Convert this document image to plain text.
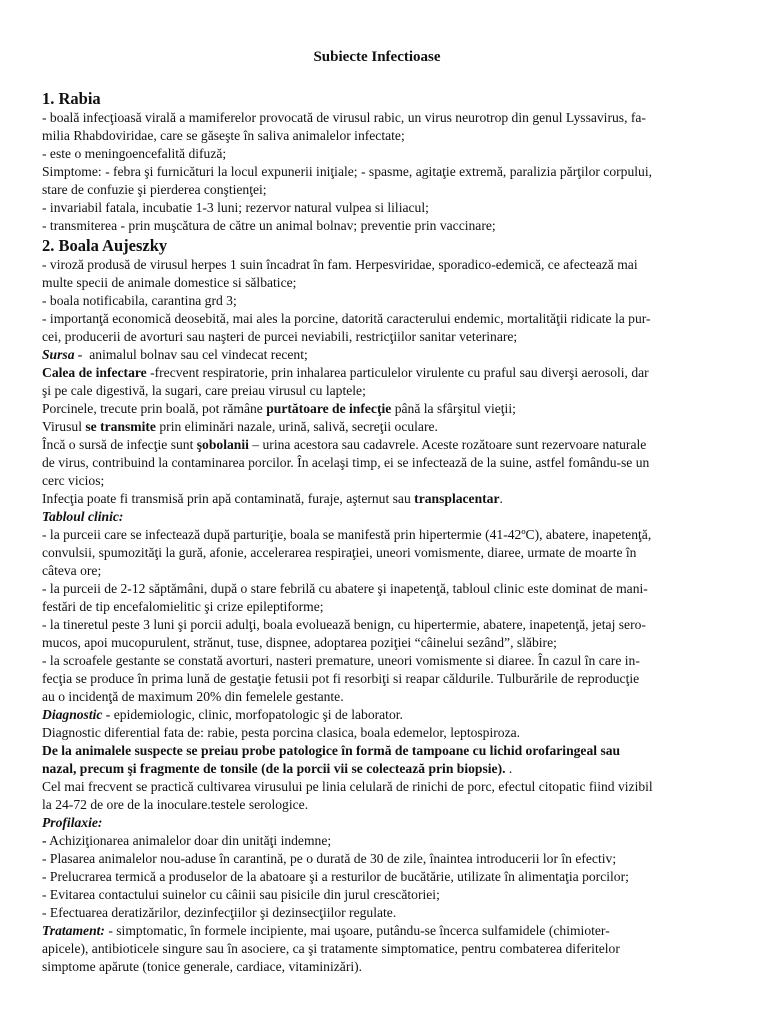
Subiecte Infectioase

1. Rabia

- boală infecţioasă virală a mamiferelor provocată de virusul rabic, un virus neurotrop din genul Lyssavirus, fa-

milia Rhabdoviridae, care se găseşte în saliva animalelor infectate;

- este o meningoencefalită difuză;

Simptome: - febra şi furnicături la locul expunerii iniţiale; - spasme, agitaţie extremă, paralizia părţilor corpului,

stare de confuzie şi pierderea conştienţei;

- invariabil fatala, incubatie 1-3 luni; rezervor natural vulpea si liliacul;

- transmiterea - prin muşcătura de către un animal bolnav; preventie prin vaccinare;

2. Boala Aujeszky

- viroză produsă de virusul herpes 1 suin încadrat în fam. Herpesviridae, sporadico-edemică, ce afectează mai

multe specii de animale domestice si sălbatice;

- boala notificabila, carantina grd 3;

- importanţă economică deosebită, mai ales la porcine, datorită caracterului endemic, mortalităţii ridicate la pur-

cei, producerii de avorturi sau naşteri de purcei neviabili, restricţiilor sanitar veterinare;

Sursa -  animalul bolnav sau cel vindecat recent;

Calea de infectare -frecvent respiratorie, prin inhalarea particulelor virulente cu praful sau diverşi aerosoli, dar

şi pe cale digestivă, la sugari, care preiau virusul cu laptele;

Porcinele, trecute prin boală, pot rămâne purtătoare de infecţie până la sfârşitul vieţii;

Virusul se transmite prin eliminări nazale, urină, salivă, secreţii oculare.

Încă o sursă de infecţie sunt şobolanii – urina acestora sau cadavrele. Aceste rozătoare sunt rezervoare naturale

de virus, contribuind la contaminarea porcilor. În acelaşi timp, ei se infectează de la suine, astfel fomându-se un

cerc vicios;

Infecţia poate fi transmisă prin apă contaminată, furaje, aşternut sau transplacentar.

Tabloul clinic:

- la purceii care se infectează după parturiţie, boala se manifestă prin hipertermie (41-42ºC), abatere, inapetenţă,

convulsii, spumozităţi la gură, afonie, accelerarea respiraţiei, uneori vomismente, diaree, urmate de moarte în

câteva ore;

- la purceii de 2-12 săptămâni, după o stare febrilă cu abatere şi inapetenţă, tabloul clinic este dominat de mani-

festări de tip encefalomielitic şi crize epileptiforme;

- la tineretul peste 3 luni şi porcii adulţi, boala evoluează benign, cu hipertermie, abatere, inapetenţă, jetaj sero-

mucos, apoi mucopurulent, strănut, tuse, dispnee, adoptarea poziţiei “câinelui sezând”, slăbire;

- la scroafele gestante se constată avorturi, nasteri premature, uneori vomismente si diaree. În cazul în care in-

fecţia se produce în prima lună de gestaţie fetusii pot fi resorbiţi si reapar căldurile. Tulburările de reproducţie

au o incidenţă de maximum 20% din femelele gestante.

Diagnostic - epidemiologic, clinic, morfopatologic şi de laborator.

Diagnostic diferential fata de: rabie, pesta porcina clasica, boala edemelor, leptospiroza.

De la animalele suspecte se preiau probe patologice în formă de tampoane cu lichid orofaringeal sau

nazal, precum şi fragmente de tonsile (de la porcii vii se colectează prin biopsie). .

Cel mai frecvent se practică cultivarea virusului pe linia celulară de rinichi de porc, efectul citopatic fiind vizibil

la 24-72 de ore de la inoculare.testele serologice.

Profilaxie:

- Achiziţionarea animalelor doar din unităţi indemne;

- Plasarea animalelor nou-aduse în carantină, pe o durată de 30 de zile, înaintea introducerii lor în efectiv;

- Prelucrarea termică a produselor de la abatoare şi a resturilor de bucătărie, utilizate în alimentaţia porcilor;

- Evitarea contactului suinelor cu câinii sau pisicile din jurul crescătoriei;

- Efectuarea deratizărilor, dezinfecţiilor şi dezinsecţiilor regulate.

Tratament: - simptomatic, în formele incipiente, mai uşoare, putându-se încerca sulfamidele (chimioter-

apicele), antibioticele singure sau în asociere, ca şi tratamente simptomatice, pentru combaterea diferitelor

simptome apărute (tonice generale, cardiace, vitaminizări).
